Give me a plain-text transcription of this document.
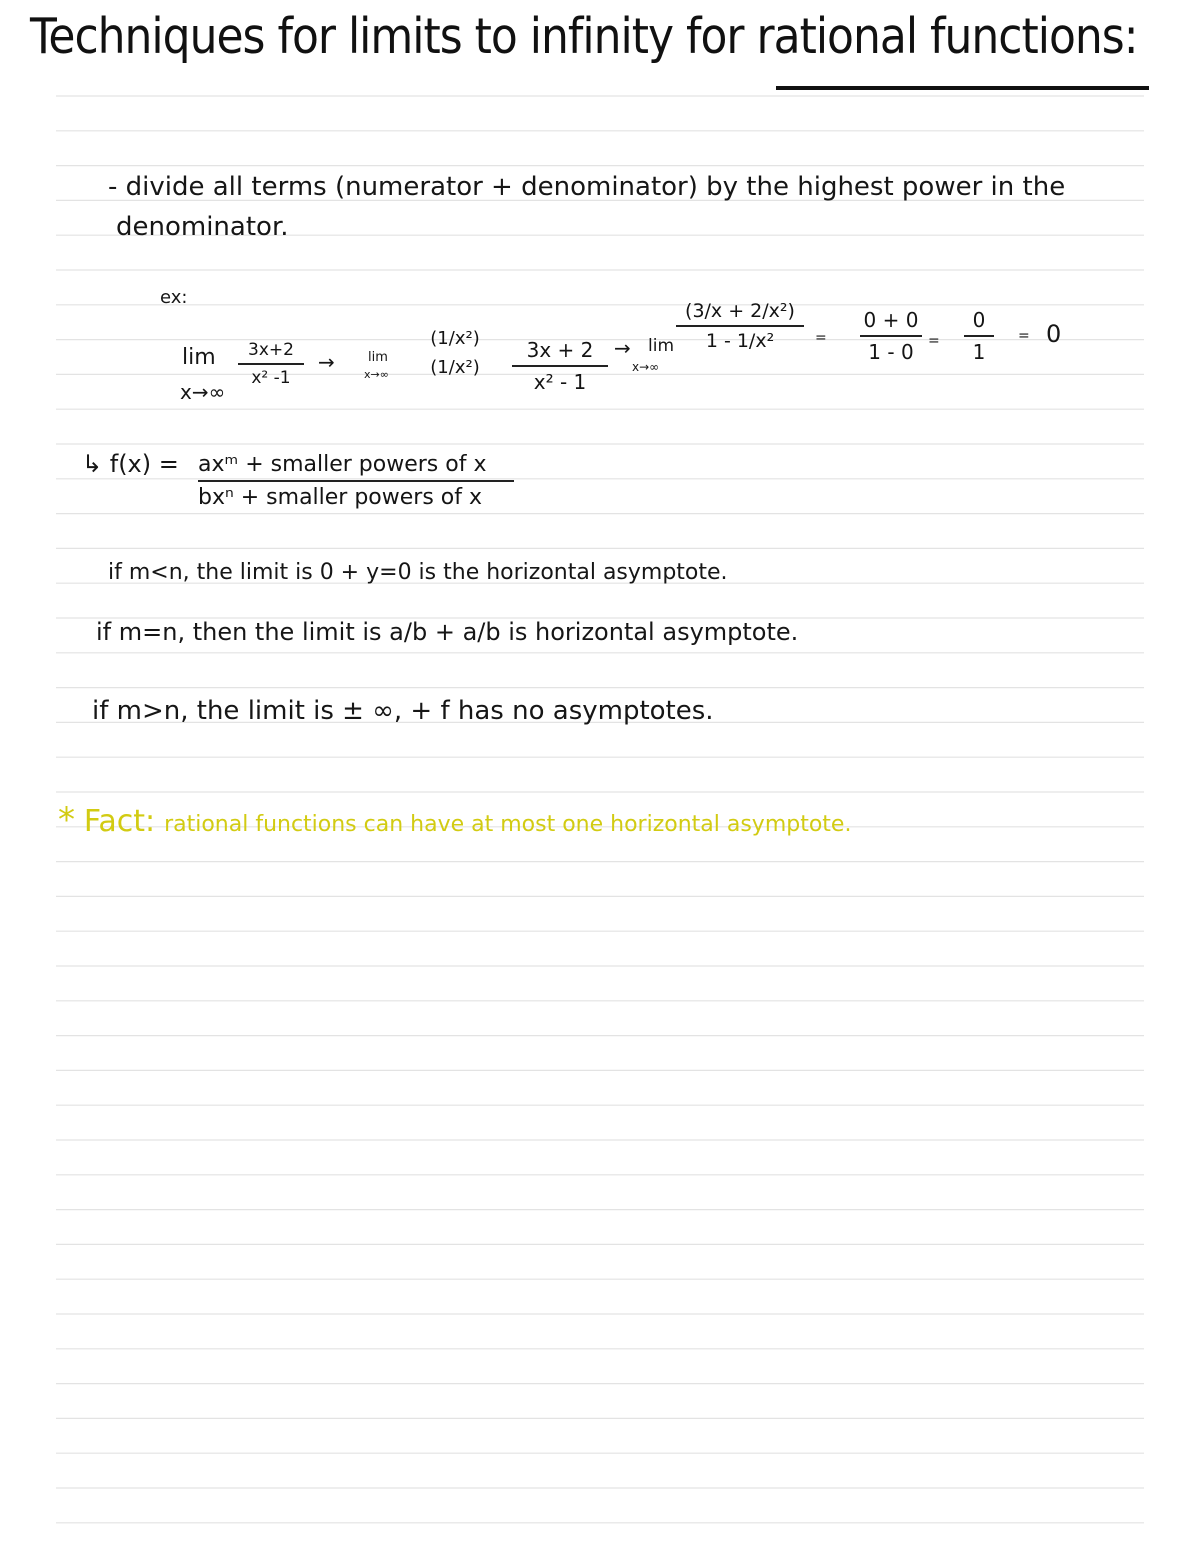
Techniques for limits to infinity for rational functions:
- divide all terms (numerator + denominator) by the highest power in the
denominator.
ex:
lim
x→∞
3x+2
x² -1
→	lim
x→∞
(1/x²)
(1/x²)
3x + 2
x² - 1
→ lim
x→∞
(3/x + 2/x²)
1 - 1/x²	=
0 + 0
1 - 0	=
0
1
= 0
↳ f(x) = axᵐ + smaller powers of x
bxⁿ + smaller powers of x
if m<n, the limit is 0 + y=0 is the horizontal asymptote.
if m=n, then the limit is a/b + a/b is horizontal asymptote.
if m>n, the limit is ± ∞, + f has no asymptotes.
* Fact: rational functions can have at most one horizontal asymptote.
